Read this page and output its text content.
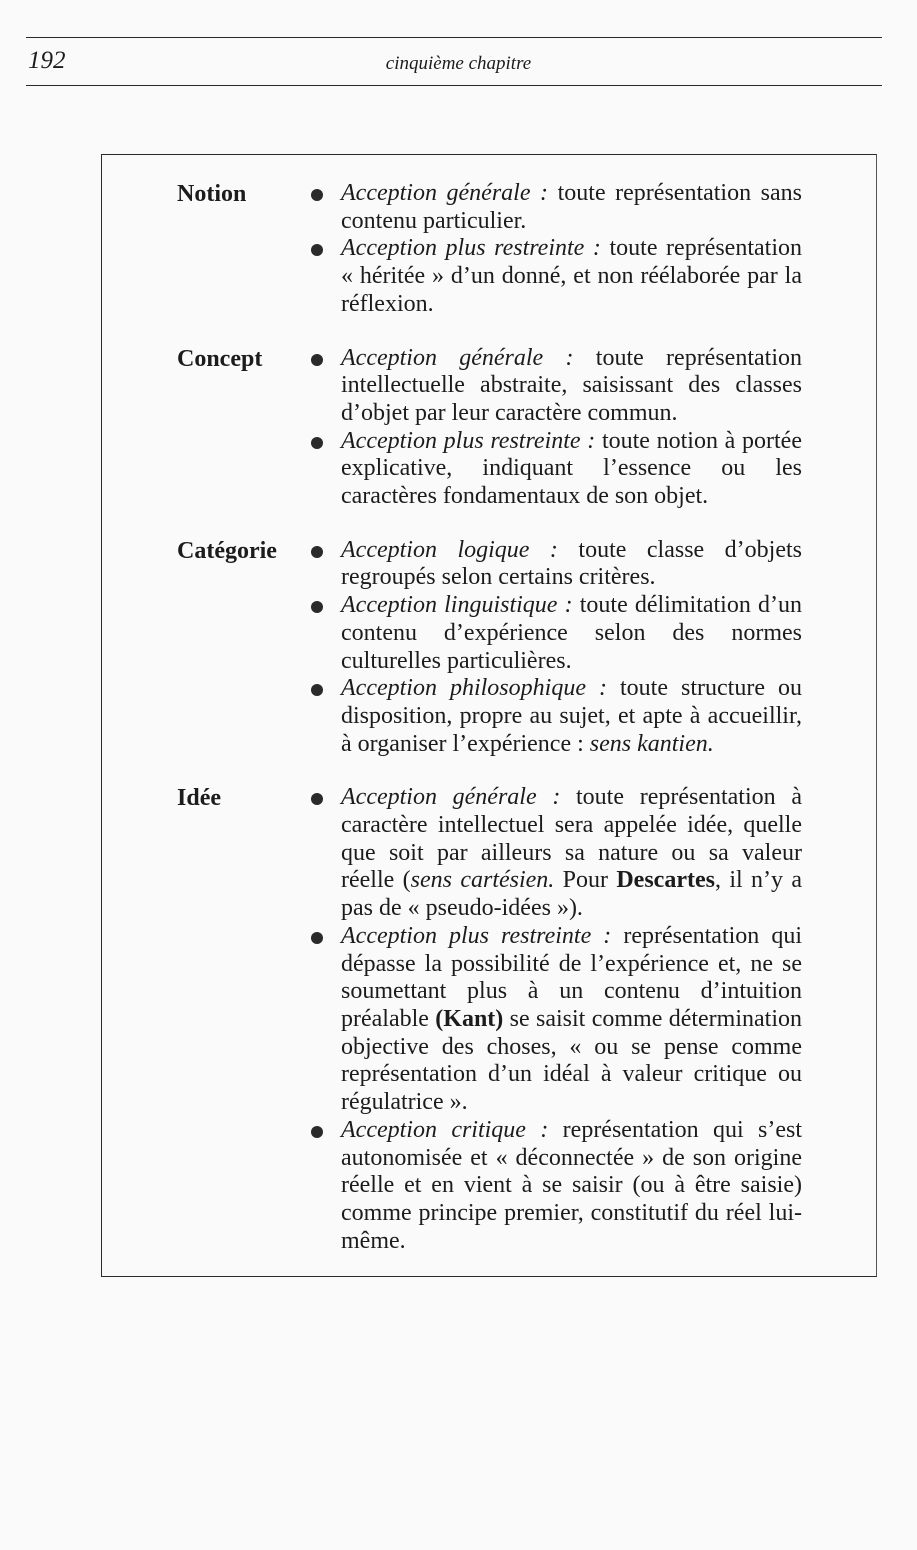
192	cinquième chapitre
Notion	Acception générale : toute représentation sans contenu particulier.
Acception plus restreinte : toute représentation « héritée » d’un donné, et non réélaborée par la réflexion.
Concept	Acception générale : toute représentation intellectuelle abstraite, saisissant des classes d’objet par leur caractère commun.
Acception plus restreinte : toute notion à portée explicative, indiquant l’essence ou les caractères fondamentaux de son objet.
Catégorie	Acception logique : toute classe d’objets regroupés selon certains critères.
Acception linguistique : toute délimitation d’un contenu d’expérience selon des normes culturelles particulières.
Acception philosophique : toute structure ou disposition, propre au sujet, et apte à accueillir, à organiser l’expérience : sens kantien.
Idée	Acception générale : toute représentation à caractère intellectuel sera appelée idée, quelle que soit par ailleurs sa nature ou sa valeur réelle (sens cartésien. Pour Descartes, il n’y a pas de « pseudo-idées »).
Acception plus restreinte : représentation qui dépasse la possibilité de l’expérience et, ne se soumettant plus à un contenu d’intuition préalable (Kant) se saisit comme détermination objective des choses, « ou se pense comme représentation d’un idéal à valeur critique ou régulatrice ».
Acception critique : représentation qui s’est autonomisée et « déconnectée » de son origine réelle et en vient à se saisir (ou à être saisie) comme principe premier, constitutif du réel lui-même.
